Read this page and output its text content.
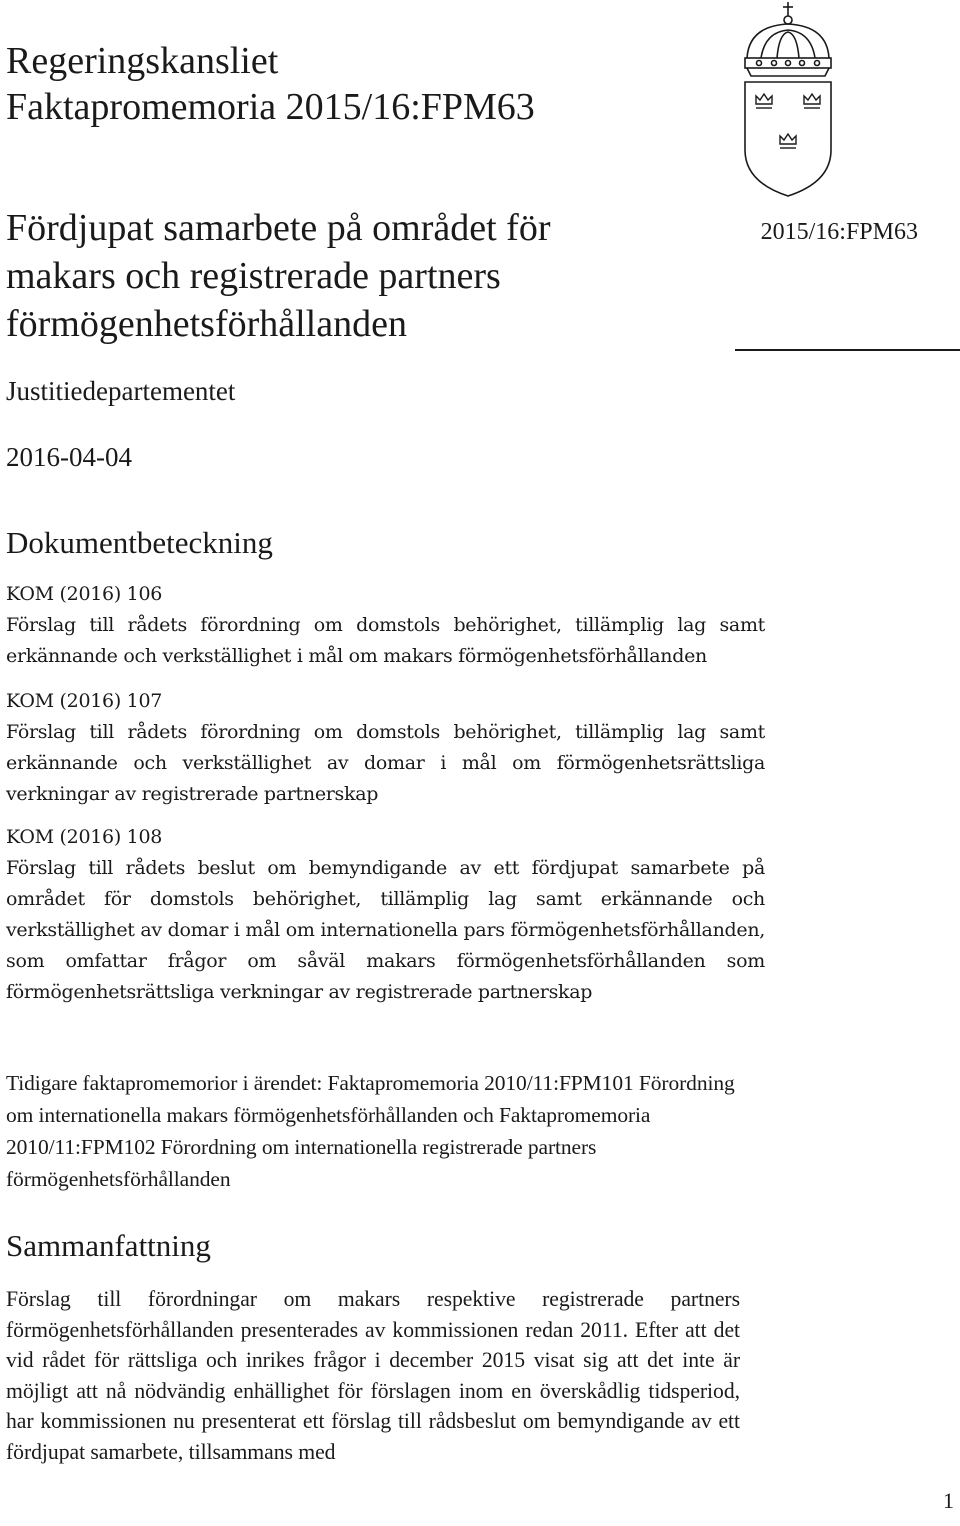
Regeringskansliet
Faktapromemoria 2015/16:FPM63
2015/16:FPM63
Fördjupat samarbete på området för
makars och registrerade partners
förmögenhetsförhållanden
Justitiedepartementet
2016-04-04
Dokumentbeteckning
KOM (2016) 106
Förslag till rådets förordning om domstols behörighet, tillämplig lag samt erkännande och verkställighet i mål om makars förmögenhetsförhållanden
KOM (2016) 107
Förslag till rådets förordning om domstols behörighet, tillämplig lag samt erkännande och verkställighet av domar i mål om förmögenhetsrättsliga verkningar av registrerade partnerskap
KOM (2016) 108
Förslag till rådets beslut om bemyndigande av ett fördjupat samarbete på området för domstols behörighet, tillämplig lag samt erkännande och verkställighet av domar i mål om internationella pars förmögenhetsförhållanden, som omfattar frågor om såväl makars förmögenhetsförhållanden som förmögenhetsrättsliga verkningar av registrerade partnerskap

Tidigare faktapromemorior i ärendet: Faktapromemoria 2010/11:FPM101 Förordning om internationella makars förmögenhetsförhållanden och Faktapromemoria 2010/11:FPM102 Förordning om internationella registrerade partners förmögenhetsförhållanden

Sammanfattning

Förslag till förordningar om makars respektive registrerade partners förmögenhetsförhållanden presenterades av kommissionen redan 2011. Efter att det vid rådet för rättsliga och inrikes frågor i december 2015 visat sig att det inte är möjligt att nå nödvändig enhällighet för förslagen inom en överskådlig tidsperiod, har kommissionen nu presenterat ett förslag till rådsbeslut om bemyndigande av ett fördjupat samarbete, tillsammans med

1
